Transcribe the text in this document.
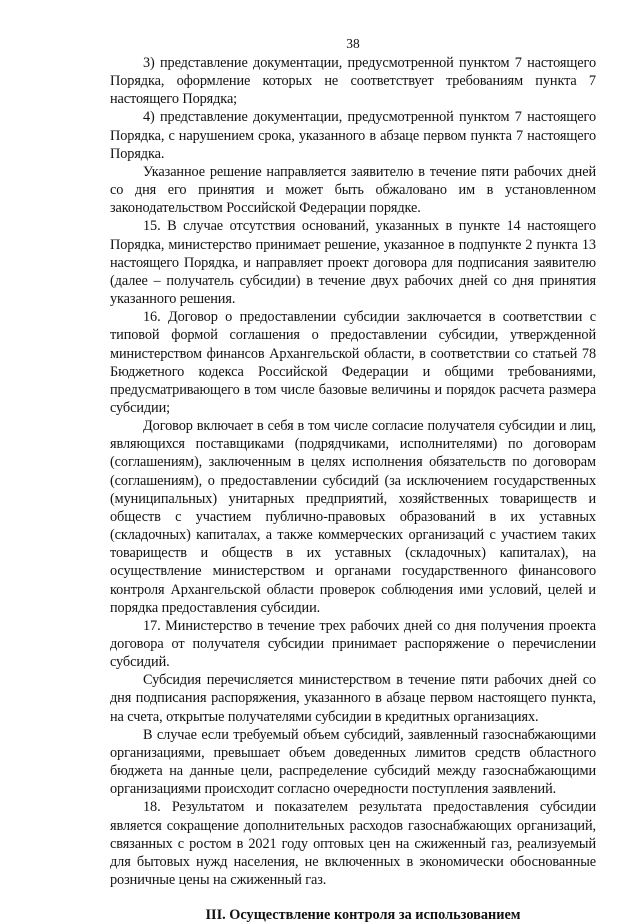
38

3) представление документации, предусмотренной пунктом 7 настоящего Порядка, оформление которых не соответствует требованиям пункта 7 настоящего Порядка;

4) представление документации, предусмотренной пунктом 7 настоящего Порядка, с нарушением срока, указанного в абзаце первом пункта 7 настоящего Порядка.

Указанное решение направляется заявителю в течение пяти рабочих дней со дня его принятия и может быть обжаловано им в установленном законодательством Российской Федерации порядке.

15. В случае отсутствия оснований, указанных в пункте 14 настоящего Порядка, министерство принимает решение, указанное в подпункте 2 пункта 13 настоящего Порядка, и направляет проект договора для подписания заявителю (далее – получатель субсидии) в течение двух рабочих дней со дня принятия указанного решения.

16. Договор о предоставлении субсидии заключается в соответствии с типовой формой соглашения о предоставлении субсидии, утвержденной министерством финансов Архангельской области, в соответствии со статьей 78 Бюджетного кодекса Российской Федерации и общими требованиями, предусматривающего в том числе базовые величины и порядок расчета размера субсидии;

Договор включает в себя в том числе согласие получателя субсидии и лиц, являющихся поставщиками (подрядчиками, исполнителями) по договорам (соглашениям), заключенным в целях исполнения обязательств по договорам (соглашениям), о предоставлении субсидий (за исключением государственных (муниципальных) унитарных предприятий, хозяйственных товариществ и обществ с участием публично-правовых образований в их уставных (складочных) капиталах, а также коммерческих организаций с участием таких товариществ и обществ в их уставных (складочных) капиталах), на осуществление министерством и органами государственного финансового контроля Архангельской области проверок соблюдения ими условий, целей и порядка предоставления субсидии.

17. Министерство в течение трех рабочих дней со дня получения проекта договора от получателя субсидии принимает распоряжение о перечислении субсидий.

Субсидия перечисляется министерством в течение пяти рабочих дней со дня подписания распоряжения, указанного в абзаце первом настоящего пункта, на счета, открытые получателями субсидии в кредитных организациях.

В случае если требуемый объем субсидий, заявленный газоснабжающими организациями, превышает объем доведенных лимитов средств областного бюджета на данные цели, распределение субсидий между газоснабжающими организациями происходит согласно очередности поступления заявлений.

18. Результатом и показателем результата предоставления субсидии является сокращение дополнительных расходов газоснабжающих организаций, связанных с ростом в 2021 году оптовых цен на сжиженный газ, реализуемый для бытовых нужд населения, не включенных в экономически обоснованные розничные цены на сжиженный газ.

III. Осуществление контроля за использованием
